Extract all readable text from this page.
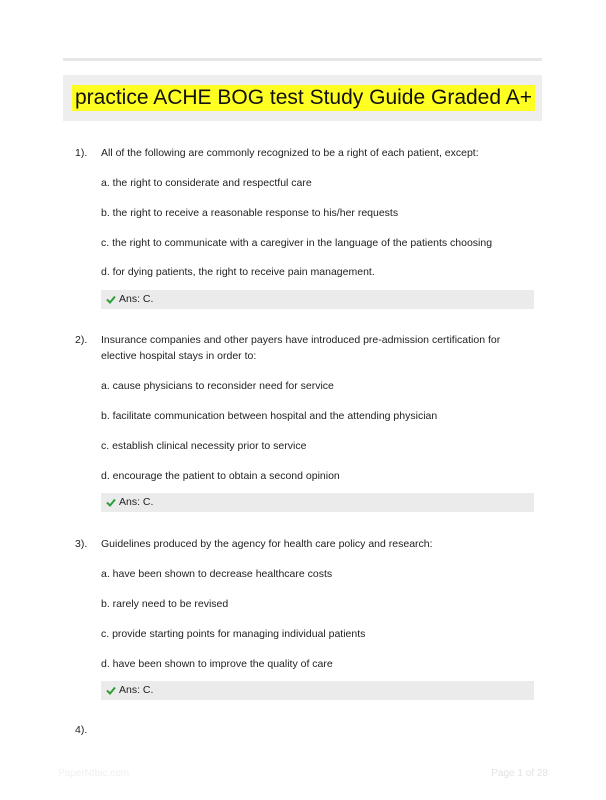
practice ACHE BOG test Study Guide Graded A+
1). All of the following are commonly recognized to be a right of each patient, except:
a. the right to considerate and respectful care
b. the right to receive a reasonable response to his/her requests
c. the right to communicate with a caregiver in the language of the patients choosing
d. for dying patients, the right to receive pain management.
Ans: C.
2). Insurance companies and other payers have introduced pre-admission certification for elective hospital stays in order to:
a. cause physicians to reconsider need for service
b. facilitate communication between hospital and the attending physician
c. establish clinical necessity prior to service
d. encourage the patient to obtain a second opinion
Ans: C.
3). Guidelines produced by the agency for health care policy and research:
a. have been shown to decrease healthcare costs
b. rarely need to be revised
c. provide starting points for managing individual patients
d. have been shown to improve the quality of care
Ans: C.
4).
PaperNtbic.com	Page 1 of 28
